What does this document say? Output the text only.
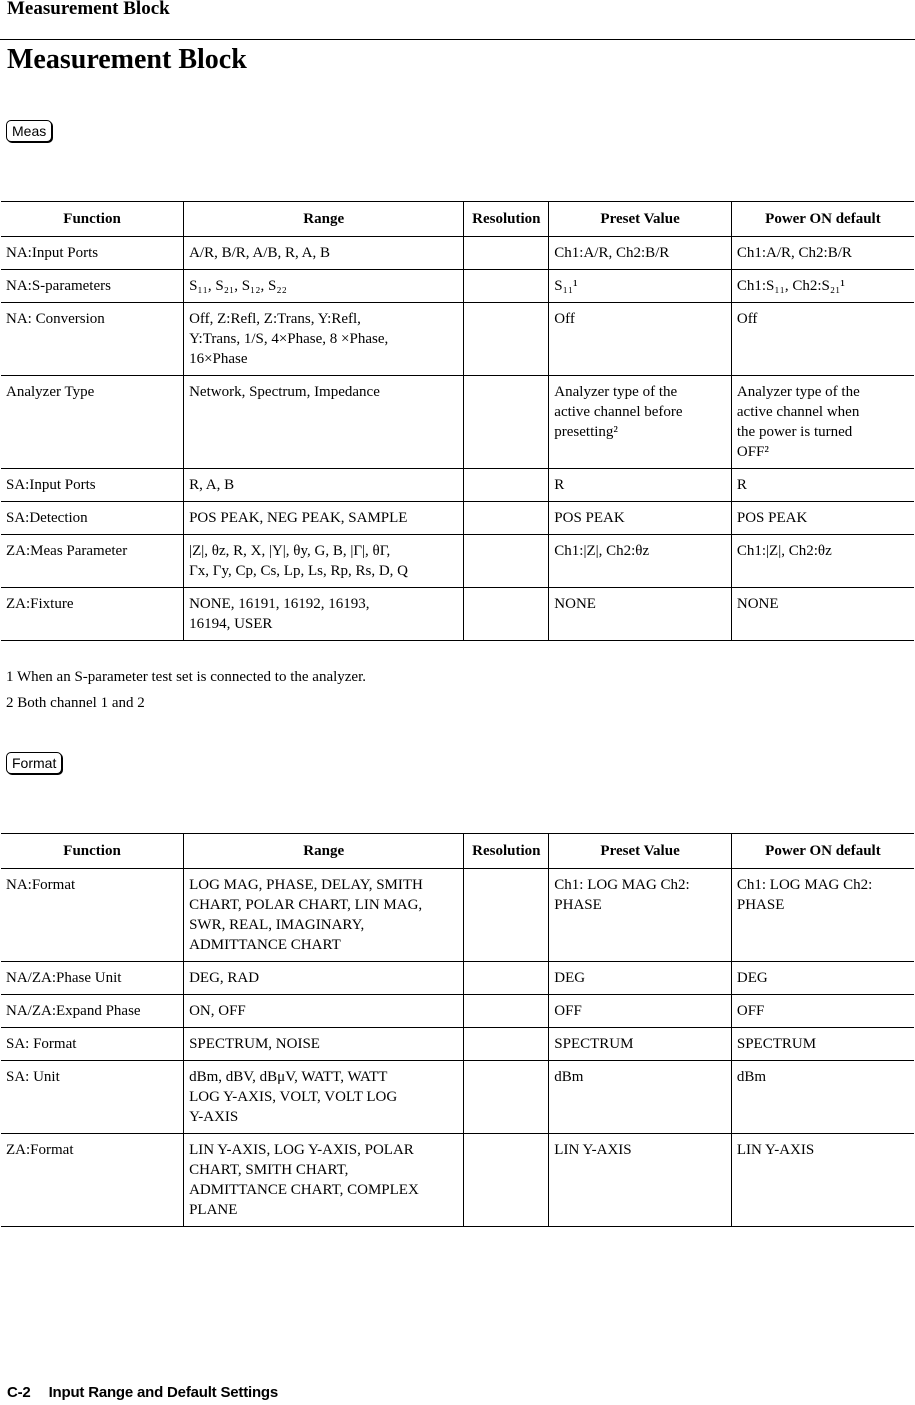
Measurement Block
Measurement Block
Meas
Function	Range	Resolution	Preset Value	Power ON default
NA:Input Ports	A/R, B/R, A/B, R, A, B		Ch1:A/R, Ch2:B/R	Ch1:A/R, Ch2:B/R
NA:S-parameters	S₁₁, S₂₁, S₁₂, S₂₂		S₁₁¹	Ch1:S₁₁, Ch2:S₂₁¹
NA: Conversion	Off, Z:Refl, Z:Trans, Y:Refl,
Y:Trans, 1/S, 4×Phase, 8 ×Phase,
16×Phase		Off	Off
Analyzer Type	Network, Spectrum, Impedance		Analyzer type of the
active channel before
presetting²	Analyzer type of the
active channel when
the power is turned
OFF²
SA:Input Ports	R, A, B		R	R
SA:Detection	POS PEAK, NEG PEAK, SAMPLE		POS PEAK	POS PEAK
ZA:Meas Parameter	|Z|, θz, R, X, |Y|, θy, G, B, |Γ|, θΓ,
Γx, Γy, Cp, Cs, Lp, Ls, Rp, Rs, D, Q		Ch1:|Z|, Ch2:θz	Ch1:|Z|, Ch2:θz
ZA:Fixture	NONE, 16191, 16192, 16193,
16194, USER		NONE	NONE
1 When an S-parameter test set is connected to the analyzer.
2 Both channel 1 and 2
Format
Function	Range	Resolution	Preset Value	Power ON default
NA:Format	LOG MAG, PHASE, DELAY, SMITH
CHART, POLAR CHART, LIN MAG,
SWR, REAL, IMAGINARY,
ADMITTANCE CHART		Ch1: LOG MAG Ch2:
PHASE	Ch1: LOG MAG Ch2:
PHASE
NA/ZA:Phase Unit	DEG, RAD		DEG	DEG
NA/ZA:Expand Phase	ON, OFF		OFF	OFF
SA: Format	SPECTRUM, NOISE		SPECTRUM	SPECTRUM
SA: Unit	dBm, dBV, dBμV, WATT, WATT
LOG Y-AXIS, VOLT, VOLT LOG
Y-AXIS		dBm	dBm
ZA:Format	LIN Y-AXIS, LOG Y-AXIS, POLAR
CHART, SMITH CHART,
ADMITTANCE CHART, COMPLEX
PLANE		LIN Y-AXIS	LIN Y-AXIS
C-2 Input Range and Default Settings
